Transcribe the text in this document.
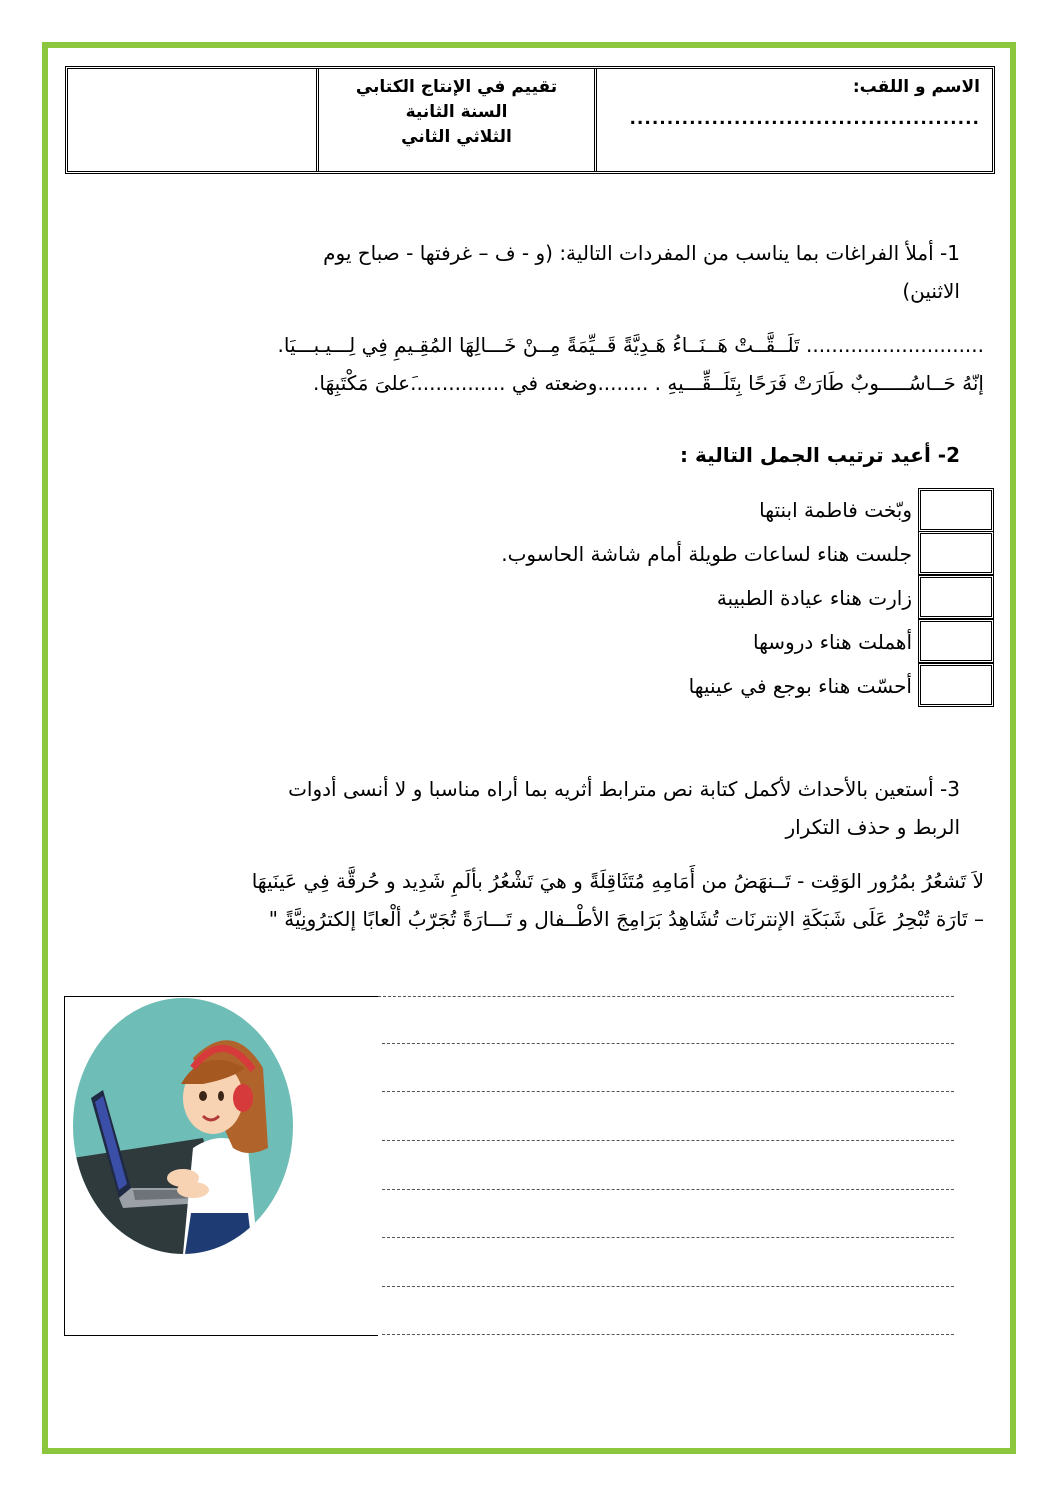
الاسم و اللقب:
...............................................
تقييم في الإنتاج الكتابي
السنة الثانية
الثلاثي الثاني
1- أملأ الفراغات بما يناسب من المفردات التالية: (و - ف – غرفتها - صباح يوم
الاثنين)
............................ تَلَــقَّــتْ هَــنَــاءُ هَـدِيَّةً قَــيِّمَةً مِــنْ خَـــالِهَا المُقِـيمِ فِي لِـــيـبـــيَا.
إنّهُ حَــاسُـــــوبٌ طَارَتْ فَرَحًا بِتَلَــقِّـــيهِ . ........وضعته في ...............َعلىَ مَكْتَبِهَا.
2- أعيد ترتيب الجمل التالية :
وبّخت فاطمة ابنتها
جلست هناء لساعات طويلة أمام شاشة الحاسوب.
زارت هناء عيادة الطبيبة
أهملت هناء دروسها
أحسّت هناء بوجع في عينيها
3- أستعين بالأحداث لأكمل كتابة نص مترابط أثريه بما أراه مناسبا و لا أنسى أدوات
الربط و حذف التكرار
لاَ تَشعُرُ بمُرُور الوَقِت - تَــنهَضُ من أَمَامِهِ مُتَثَاقِلَةً و هيَ تَشْعُرُ بألَمِ شَدِيد و حُرقَّة فِي عَينَيهَا
– تَارَة تُبْحِرُ عَلَى شَبَكَةِ الإنترنَات تُشَاهِدُ بَرَامِجَ الأطْــفال و تَـــارَةً تُجَرّبُ ألْعابًا إلكترُونِيَّةً "
